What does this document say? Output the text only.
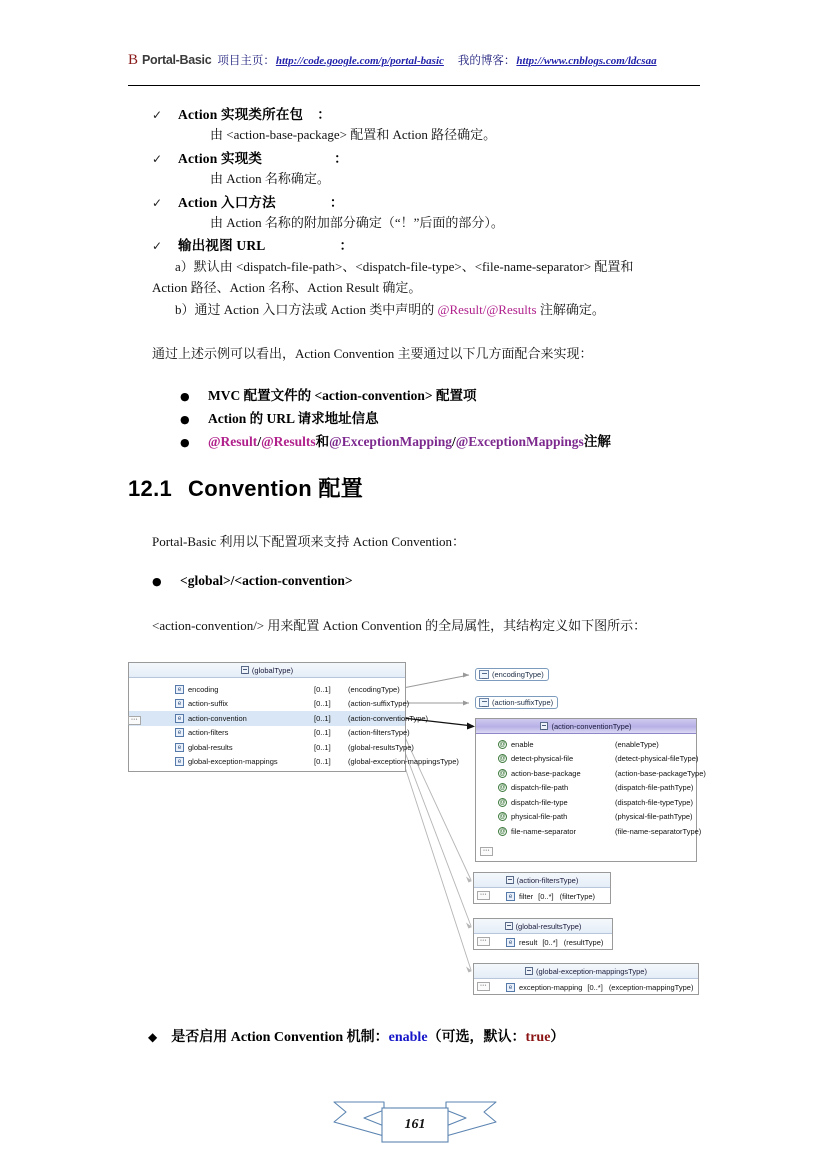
B Portal-Basic 项目主页： http://code.google.com/p/portal-basic 我的博客： http://www.cnblogs.com/ldcsaa
✓	Action 实现类所在包 ：
由 <action-base-package> 配置和 Action 路径确定。
✓	Action 实现类	：
由 Action 名称确定。
✓	Action 入口方法	：
由 Action 名称的附加部分确定（“！”后面的部分）。
✓	输出视图 URL	：
a）默认由 <dispatch-file-path>、<dispatch-file-type>、<file-name-separator> 配置和
Action 路径、Action 名称、Action Result 确定。
b）通过 Action 入口方法或 Action 类中声明的 @Result/@Results 注解确定。
通过上述示例可以看出，Action Convention 主要通过以下几方面配合来实现：
●	MVC 配置文件的 <action-convention> 配置项
●	Action 的 URL 请求地址信息
●	@Result / @Results 和 @ExceptionMapping / @ExceptionMappings 注解
12.1 Convention 配置
Portal-Basic 利用以下配置项来支持 Action Convention：
●	<global>/<action-convention>
<action-convention/> 用来配置 Action Convention 的全局属性，其结构定义如下图所示：
(globalType)
e encoding	[0..1]	(encodingType)
e action-suffix	[0..1]	(action-suffixType)
e action-convention	[0..1]	(action-conventionType)
e action-filters	[0..1]	(action-filtersType)
e global-results	[0..1]	(global-resultsType)
e global-exception-mappings	[0..1]	(global-exception-mappingsType)
•••
(encodingType)
(action-suffixType)
(action-conventionType)
@ enable	(enableType)
@ detect-physical-file	(detect-physical-fileType)
@ action-base-package	(action-base-packageType)
@ dispatch-file-path	(dispatch-file-pathType)
@ dispatch-file-type	(dispatch-file-typeType)
@ physical-file-path	(physical-file-pathType)
@ file-name-separator	(file-name-separatorType)
•••
(action-filtersType)
e filter [0..*] (filterType)
•••
(global-resultsType)
e result [0..*] (resultType)
•••
(global-exception-mappingsType)
e exception-mapping [0..*] (exception-mappingType)
•••
◆ 是否启用 Action Convention 机制： enable （可选，默认： true ）
161
